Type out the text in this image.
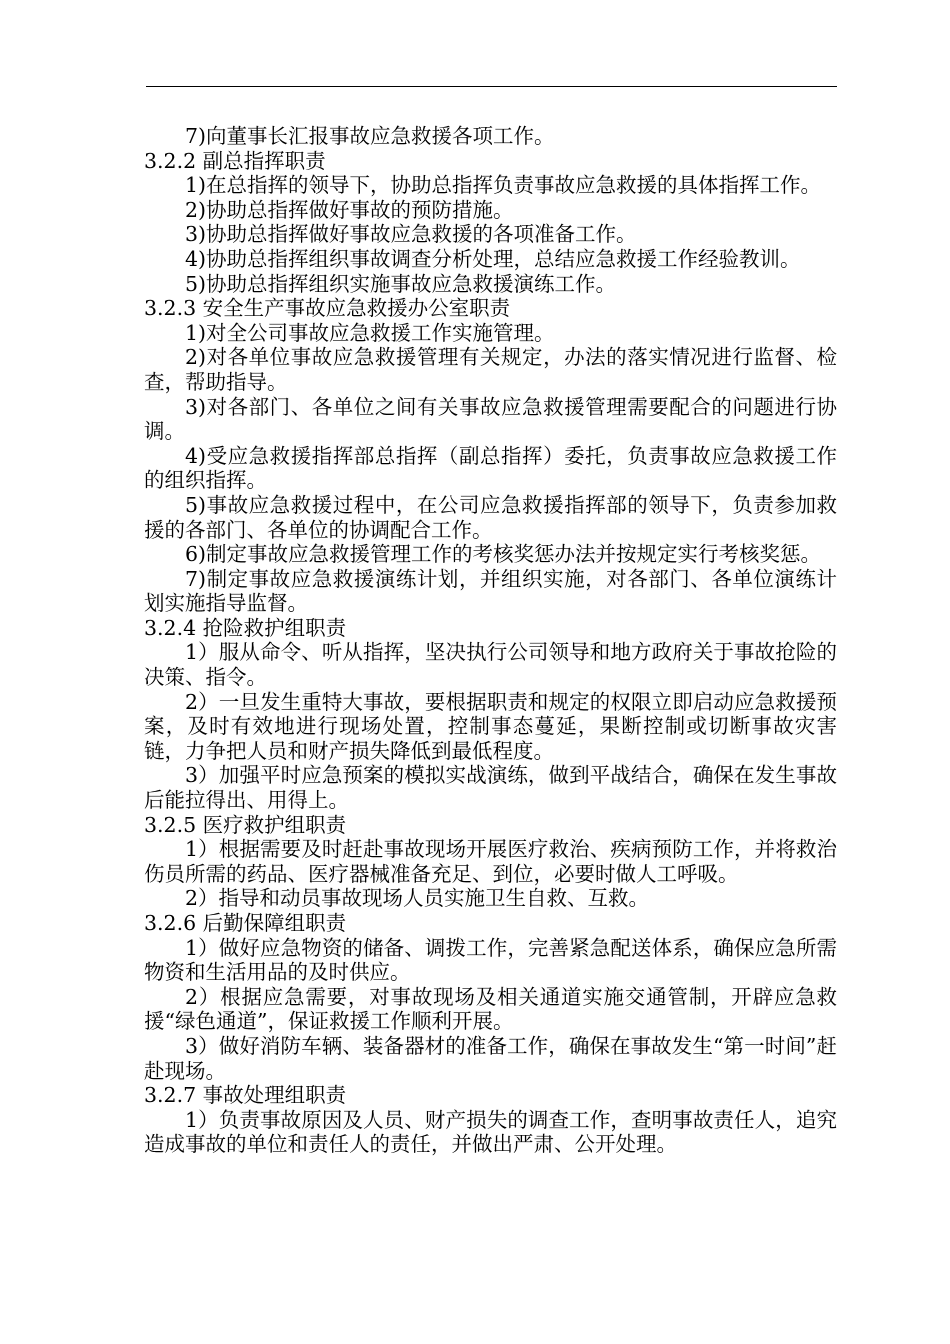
7)向董事长汇报事故应急救援各项工作。

3.2.2 副总指挥职责

1)在总指挥的领导下，协助总指挥负责事故应急救援的具体指挥工作。

2)协助总指挥做好事故的预防措施。

3)协助总指挥做好事故应急救援的各项准备工作。

4)协助总指挥组织事故调查分析处理，总结应急救援工作经验教训。

5)协助总指挥组织实施事故应急救援演练工作。

3.2.3 安全生产事故应急救援办公室职责

1)对全公司事故应急救援工作实施管理。

2)对各单位事故应急救援管理有关规定，办法的落实情况进行监督、检查，帮助指导。

3)对各部门、各单位之间有关事故应急救援管理需要配合的问题进行协调。

4)受应急救援指挥部总指挥（副总指挥）委托，负责事故应急救援工作的组织指挥。

5)事故应急救援过程中，在公司应急救援指挥部的领导下，负责参加救援的各部门、各单位的协调配合工作。

6)制定事故应急救援管理工作的考核奖惩办法并按规定实行考核奖惩。

7)制定事故应急救援演练计划，并组织实施，对各部门、各单位演练计划实施指导监督。

3.2.4 抢险救护组职责

1）服从命令、听从指挥，坚决执行公司领导和地方政府关于事故抢险的决策、指令。

2）一旦发生重特大事故，要根据职责和规定的权限立即启动应急救援预案，及时有效地进行现场处置，控制事态蔓延，果断控制或切断事故灾害链，力争把人员和财产损失降低到最低程度。

3）加强平时应急预案的模拟实战演练，做到平战结合，确保在发生事故后能拉得出、用得上。

3.2.5 医疗救护组职责

1）根据需要及时赶赴事故现场开展医疗救治、疾病预防工作，并将救治伤员所需的药品、医疗器械准备充足、到位，必要时做人工呼吸。

2）指导和动员事故现场人员实施卫生自救、互救。

3.2.6 后勤保障组职责

1）做好应急物资的储备、调拨工作，完善紧急配送体系，确保应急所需物资和生活用品的及时供应。

2）根据应急需要，对事故现场及相关通道实施交通管制，开辟应急救援“绿色通道”，保证救援工作顺利开展。

3）做好消防车辆、装备器材的准备工作，确保在事故发生“第一时间”赶赴现场。

3.2.7 事故处理组职责

1）负责事故原因及人员、财产损失的调查工作，查明事故责任人，追究造成事故的单位和责任人的责任，并做出严肃、公开处理。
